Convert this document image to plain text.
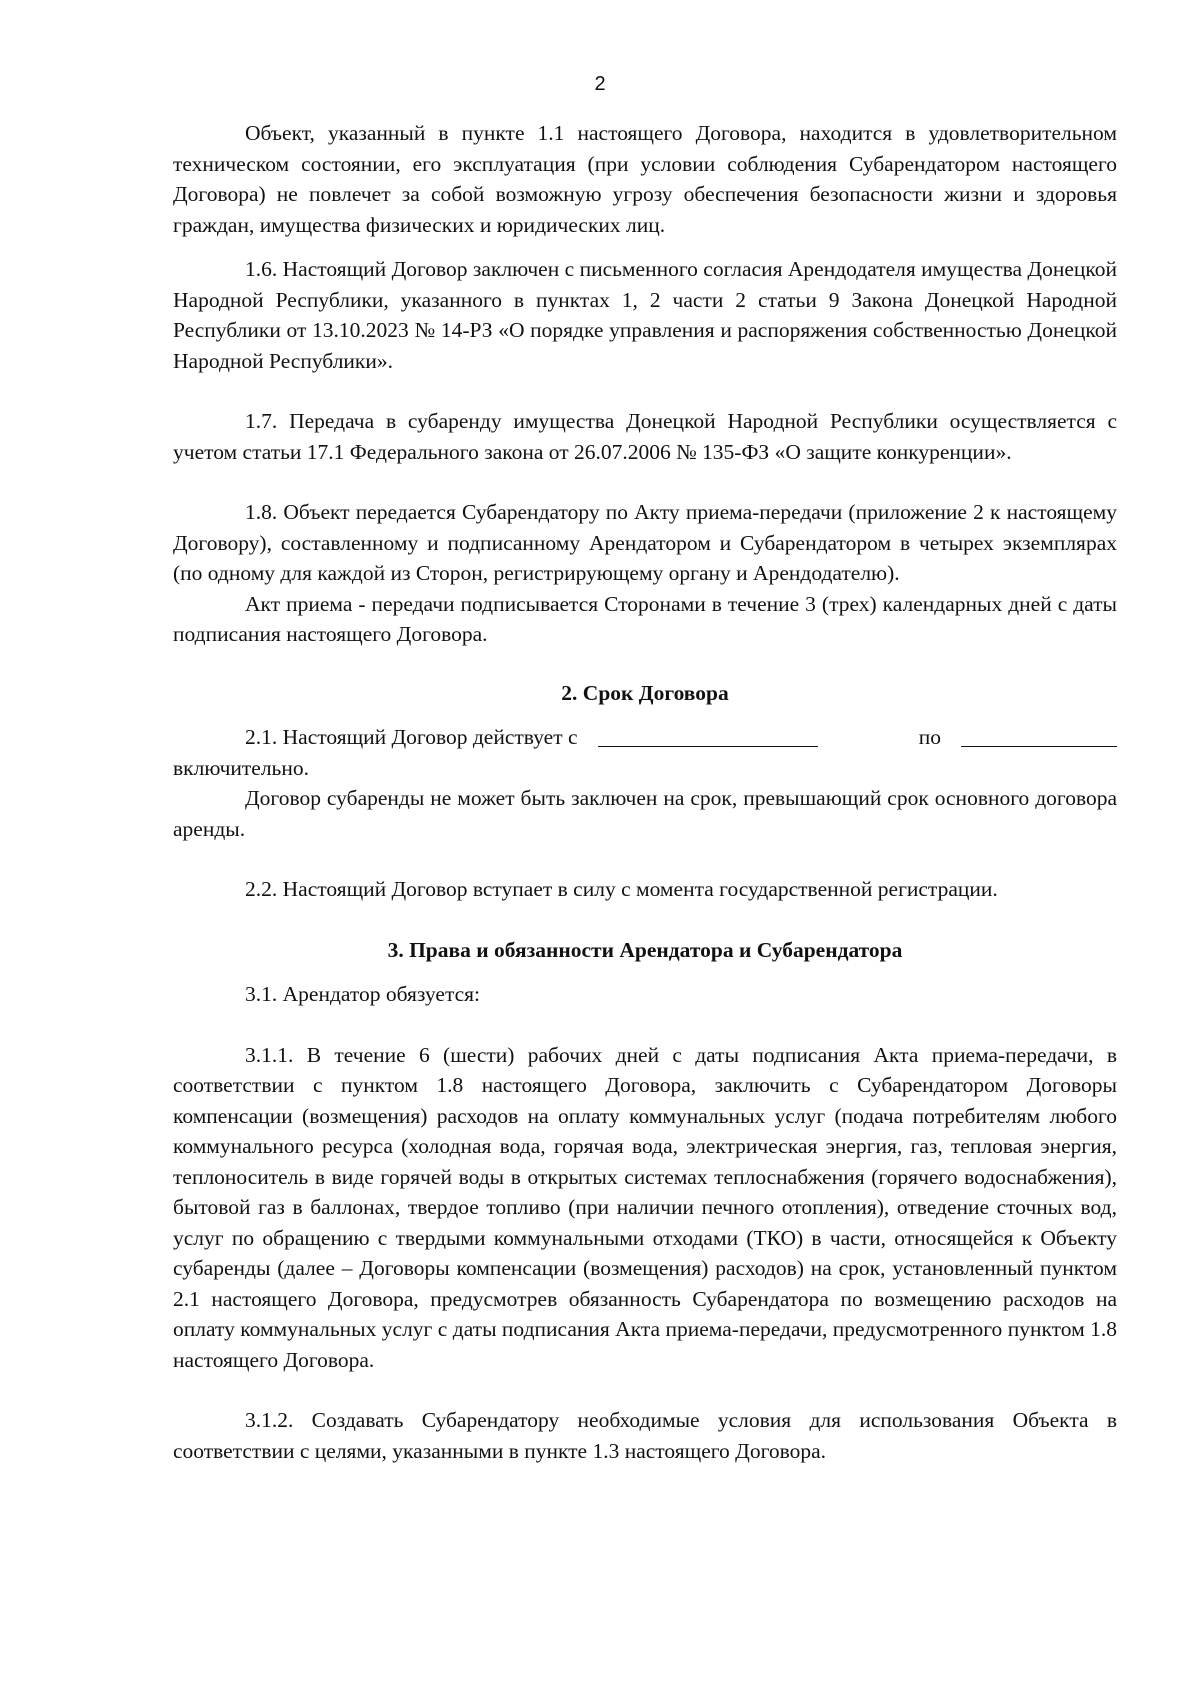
2

Объект, указанный в пункте 1.1 настоящего Договора, находится в удовлетворительном техническом состоянии, его эксплуатация (при условии соблюдения Субарендатором настоящего Договора) не повлечет за собой возможную угрозу обеспечения безопасности жизни и здоровья граждан, имущества физических и юридических лиц.

1.6. Настоящий Договор заключен с письменного согласия Арендодателя имущества Донецкой Народной Республики, указанного в пунктах 1, 2 части 2 статьи 9 Закона Донецкой Народной Республики от 13.10.2023 № 14-РЗ «О порядке управления и распоряжения собственностью Донецкой Народной Республики».

1.7. Передача в субаренду имущества Донецкой Народной Республики осуществляется с учетом статьи 17.1 Федерального закона от 26.07.2006 № 135-ФЗ «О защите конкуренции».

1.8. Объект передается Субарендатору по Акту приема-передачи (приложение 2 к настоящему Договору), составленному и подписанному Арендатором и Субарендатором в четырех экземплярах (по одному для каждой из Сторон, регистрирующему органу и Арендодателю).

Акт приема - передачи подписывается Сторонами в течение 3 (трех) календарных дней с даты подписания настоящего Договора.

2. Срок Договора
2.1. Настоящий Договор действует с	по

включительно.

Договор субаренды не может быть заключен на срок, превышающий срок основного договора аренды.

2.2. Настоящий Договор вступает в силу с момента государственной регистрации.

3. Права и обязанности Арендатора и Субарендатора

3.1. Арендатор обязуется:

3.1.1. В течение 6 (шести) рабочих дней с даты подписания Акта приема-передачи, в соответствии с пунктом 1.8 настоящего Договора, заключить с Субарендатором Договоры компенсации (возмещения) расходов на оплату коммунальных услуг (подача потребителям любого коммунального ресурса (холодная вода, горячая вода, электрическая энергия, газ, тепловая энергия, теплоноситель в виде горячей воды в открытых системах теплоснабжения (горячего водоснабжения), бытовой газ в баллонах, твердое топливо (при наличии печного отопления), отведение сточных вод, услуг по обращению с твердыми коммунальными отходами (ТКО) в части, относящейся к Объекту субаренды (далее – Договоры компенсации (возмещения) расходов) на срок, установленный пунктом 2.1 настоящего Договора, предусмотрев обязанность Субарендатора по возмещению расходов на оплату коммунальных услуг с даты подписания Акта приема-передачи, предусмотренного пунктом 1.8 настоящего Договора.

3.1.2. Создавать Субарендатору необходимые условия для использования Объекта в соответствии с целями, указанными в пункте 1.3 настоящего Договора.
